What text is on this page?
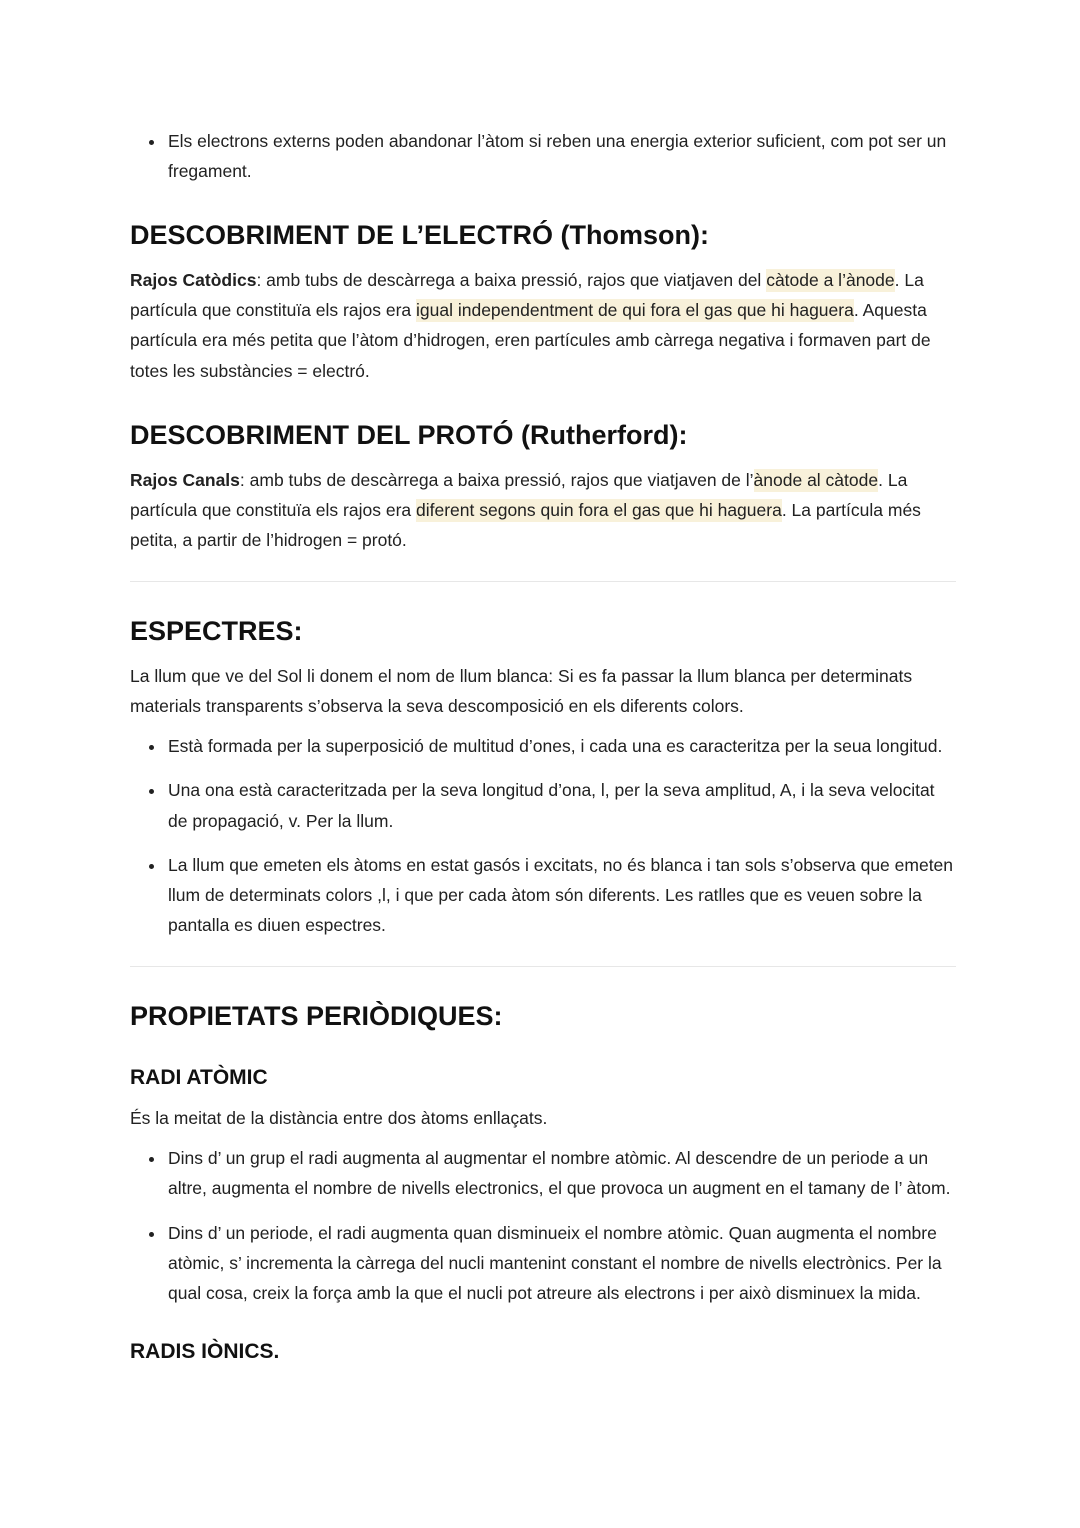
• Els electrons externs poden abandonar l’àtom si reben una energia exterior suficient, com pot ser un fregament.
DESCOBRIMENT DE L’ELECTRÓ (Thomson):

Rajos Catòdics: amb tubs de descàrrega a baixa pressió, rajos que viatjaven del càtode a l’ànode. La partícula que constituïa els rajos era igual independentment de qui fora el gas que hi haguera. Aquesta partícula era més petita que l’àtom d’hidrogen, eren partícules amb càrrega negativa i formaven part de totes les substàncies = electró.

DESCOBRIMENT DEL PROTÓ (Rutherford):

Rajos Canals: amb tubs de descàrrega a baixa pressió, rajos que viatjaven de l’ànode al càtode. La partícula que constituïa els rajos era diferent segons quin fora el gas que hi haguera. La partícula més petita, a partir de l’hidrogen = protó.

ESPECTRES:

La llum que ve del Sol li donem el nom de llum blanca: Si es fa passar la llum blanca per determinats materials transparents s’observa la seva descomposició en els diferents colors.

• Està formada per la superposició de multitud d’ones, i cada una es caracteritza per la seua longitud.
• Una ona està caracteritzada per la seva longitud d’ona, l, per la seva amplitud, A, i la seva velocitat de propagació, v. Per la llum.
• La llum que emeten els àtoms en estat gasós i excitats, no és blanca i tan sols s’observa que emeten llum de determinats colors ,l, i que per cada àtom són diferents. Les ratlles que es veuen sobre la pantalla es diuen espectres.
PROPIETATS PERIÒDIQUES:
RADI ATÒMIC

És la meitat de la distància entre dos àtoms enllaçats.

• Dins d’ un grup el radi augmenta al augmentar el nombre atòmic. Al descendre de un periode a un altre, augmenta el nombre de nivells electronics, el que provoca un augment en el tamany de l’ àtom.
• Dins d’ un periode, el radi augmenta quan disminueix el nombre atòmic. Quan augmenta el nombre atòmic, s’ incrementa la càrrega del nucli mantenint constant el nombre de nivells electrònics. Per la qual cosa, creix la força amb la que el nucli pot atreure als electrons i per això disminuex la mida.
RADIS IÒNICS.
